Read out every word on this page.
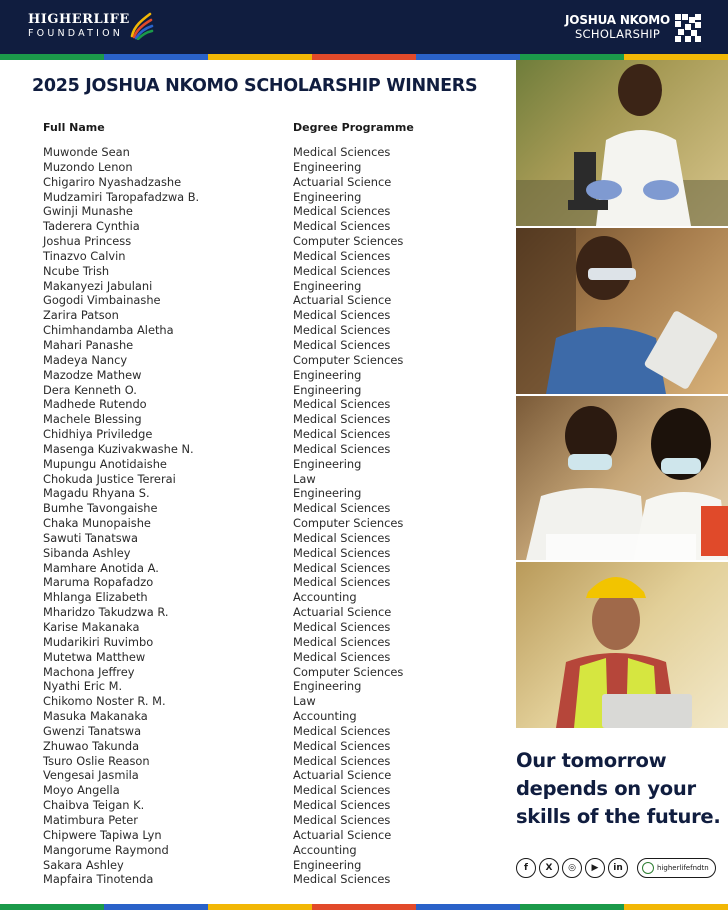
HIGHERLIFE
FOUNDATION
JOSHUA NKOMO
SCHOLARSHIP
2025 JOSHUA NKOMO SCHOLARSHIP WINNERS
Full Name	Degree Programme
Muwonde Sean	Medical Sciences
Muzondo Lenon	Engineering
Chigariro Nyashadzashe	Actuarial Science
Mudzamiri Taropafadzwa B.	Engineering
Gwinji Munashe	Medical Sciences
Taderera Cynthia	Medical Sciences
Joshua Princess	Computer Sciences
Tinazvo Calvin	Medical Sciences
Ncube Trish	Medical Sciences
Makanyezi Jabulani	Engineering
Gogodi Vimbainashe	Actuarial Science
Zarira Patson	Medical Sciences
Chimhandamba Aletha	Medical Sciences
Mahari Panashe	Medical Sciences
Madeya Nancy	Computer Sciences
Mazodze Mathew	Engineering
Dera Kenneth O.	Engineering
Madhede Rutendo	Medical Sciences
Machele Blessing	Medical Sciences
Chidhiya Priviledge	Medical Sciences
Masenga Kuzivakwashe N.	Medical Sciences
Mupungu Anotidaishe	Engineering
Chokuda Justice Tererai	Law
Magadu Rhyana S.	Engineering
Bumhe Tavongaishe	Medical Sciences
Chaka Munopaishe	Computer Sciences
Sawuti Tanatswa	Medical Sciences
Sibanda Ashley	Medical Sciences
Mamhare Anotida A.	Medical Sciences
Maruma Ropafadzo	Medical Sciences
Mhlanga Elizabeth	Accounting
Mharidzo Takudzwa R.	Actuarial Science
Karise Makanaka	Medical Sciences
Mudarikiri Ruvimbo	Medical Sciences
Mutetwa Matthew	Medical Sciences
Machona Jeffrey	Computer Sciences
Nyathi Eric M.	Engineering
Chikomo Noster R. M.	Law
Masuka Makanaka	Accounting
Gwenzi Tanatswa	Medical Sciences
Zhuwao Takunda	Medical Sciences
Tsuro Oslie Reason	Medical Sciences
Vengesai Jasmila	Actuarial Science
Moyo Angella	Medical Sciences
Chaibva Teigan K.	Medical Sciences
Matimbura Peter	Medical Sciences
Chipwere Tapiwa Lyn	Actuarial Science
Mangorume Raymond	Accounting
Sakara Ashley	Engineering
Mapfaira Tinotenda	Medical Sciences
Our tomorrow
depends on your
skills of the future.
f	X	◎	▶	in	higherlifefndtn
